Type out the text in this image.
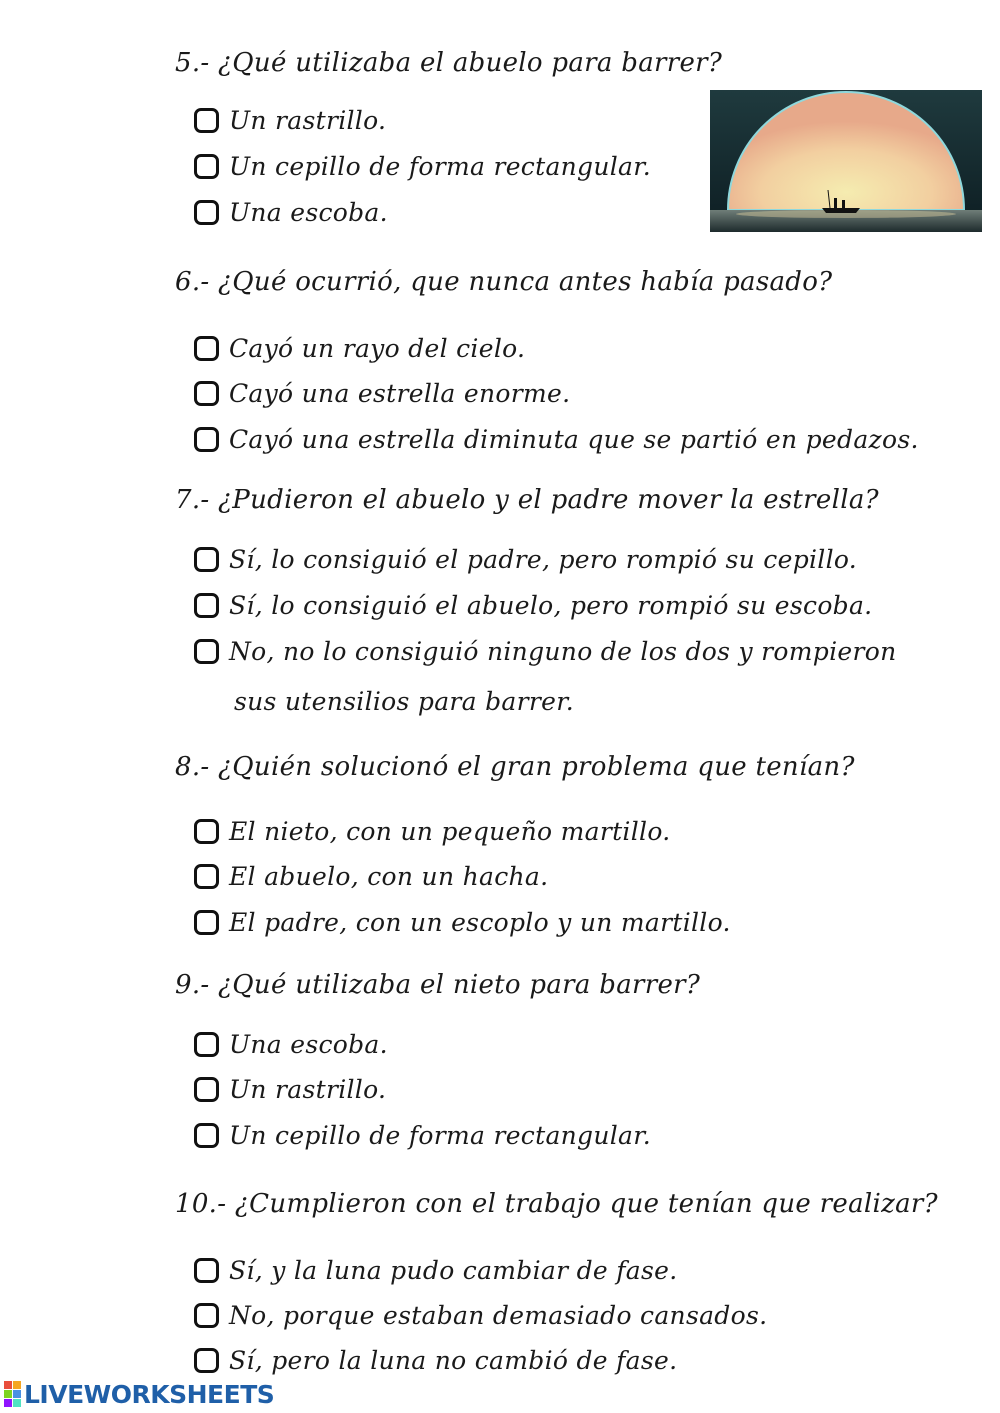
5.- ¿Qué utilizaba el abuelo para barrer?
Un rastrillo.
Un cepillo de forma rectangular.
Una escoba.
6.- ¿Qué ocurrió, que nunca antes había pasado?
Cayó un rayo del cielo.
Cayó una estrella enorme.
Cayó una estrella diminuta que se partió en pedazos.
7.- ¿Pudieron el abuelo y el padre mover la estrella?
Sí, lo consiguió el padre, pero rompió su cepillo.
Sí, lo consiguió el abuelo, pero rompió su escoba.
No, no lo consiguió ninguno de los dos y rompieron
sus utensilios para barrer.
8.- ¿Quién solucionó el gran problema que tenían?
El nieto, con un pequeño martillo.
El abuelo, con un hacha.
El padre, con un escoplo y un martillo.
9.- ¿Qué utilizaba el nieto para barrer?
Una escoba.
Un rastrillo.
Un cepillo de forma rectangular.
10.- ¿Cumplieron con el trabajo que tenían que realizar?
Sí, y la luna pudo cambiar de fase.
No, porque estaban demasiado cansados.
Sí, pero la luna no cambió de fase.
LIVEWORKSHEETS
